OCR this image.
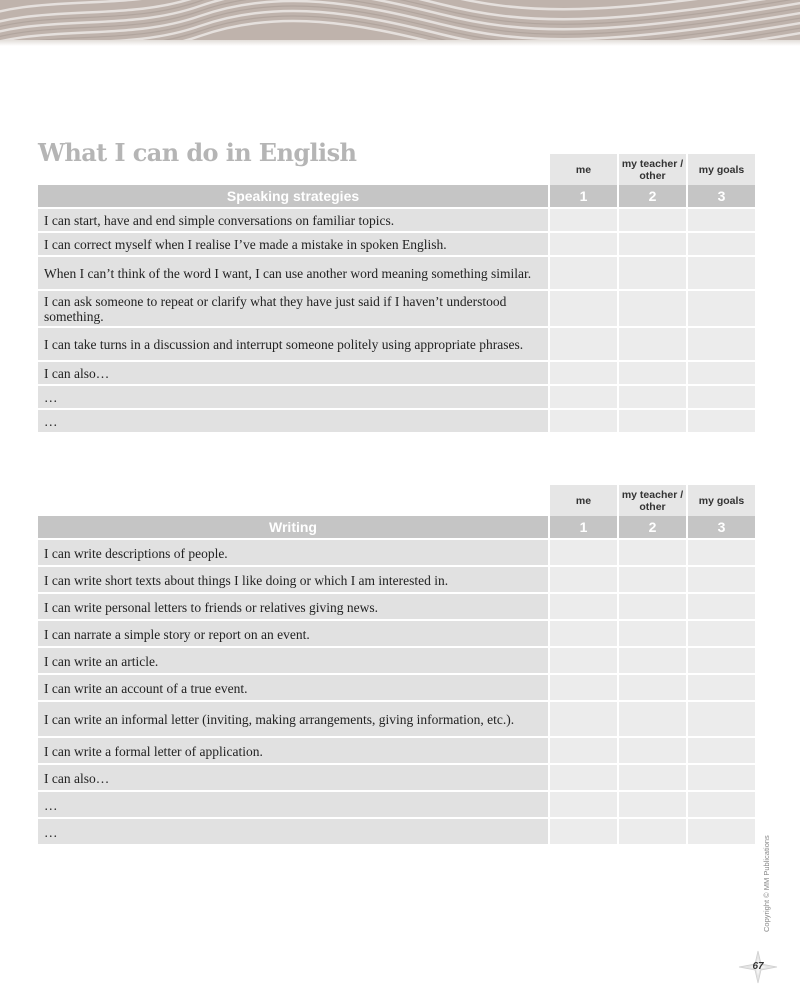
What I can do in English
	me	my teacher / other	my goals
Speaking strategies	1	2	3
I can start, have and end simple conversations on familiar topics.			
I can correct myself when I realise I’ve made a mistake in spoken English.			
When I can’t think of the word I want, I can use another word meaning something similar.			
I can ask someone to repeat or clarify what they have just said if I haven’t understood something.			
I can take turns in a discussion and interrupt someone politely using appropriate phrases.			
I can also…			
…			
…			
	me	my teacher / other	my goals
Writing	1	2	3
I can write descriptions of people.			
I can write short texts about things I like doing or which I am interested in.			
I can write personal letters to friends or relatives giving news.			
I can narrate a simple story or report on an event.			
I can write an article.			
I can write an account of a true event.			
I can write an informal letter (inviting, making arrangements, giving information, etc.).			
I can write a formal letter of application.			
I can also…			
…			
…			
Copyright © MM Publications
67
